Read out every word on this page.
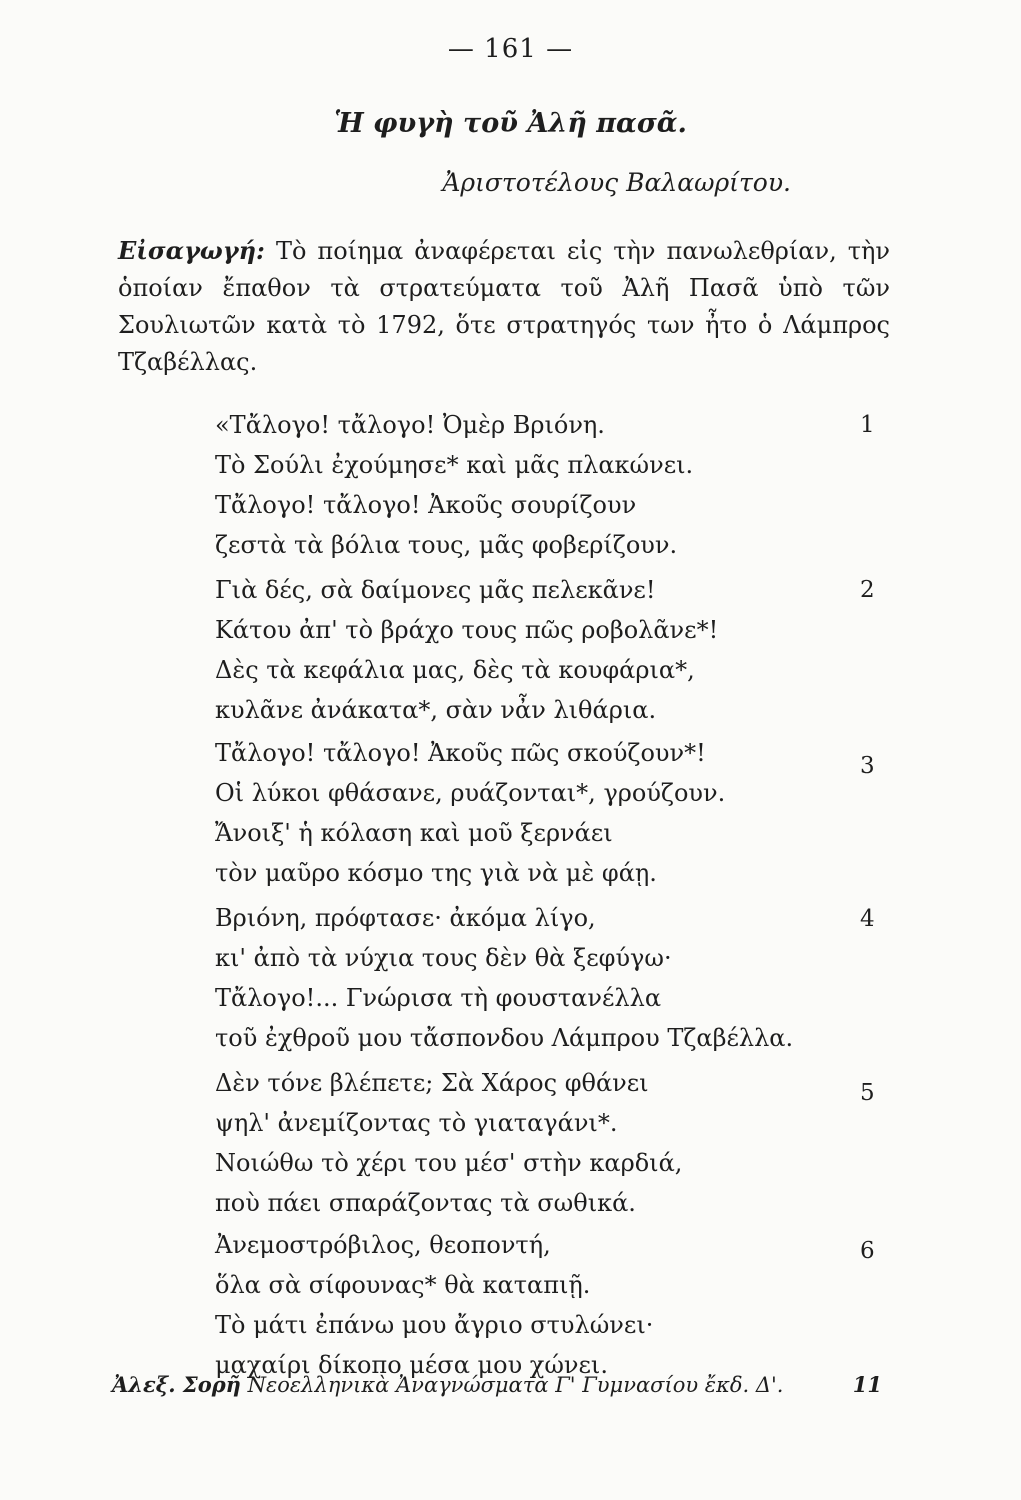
— 161 —
Ἡ φυγὴ τοῦ Ἀλῆ πασᾶ.
Ἀριστοτέλους Βαλαωρίτου.
Εἰσαγωγή: Τὸ ποίημα ἀναφέρεται εἰς τὴν πανωλεθρίαν, τὴν ὁποίαν ἔπαθον τὰ στρατεύματα τοῦ Ἀλῆ Πασᾶ ὑπὸ τῶν Σουλιωτῶν κατὰ τὸ 1792, ὅτε στρατηγός των ἦτο ὁ Λάμπρος Τζαβέλλας.
«Τἄλογο! τἄλογο! Ὀμὲρ Βριόνη.
Τὸ Σούλι ἐχούμησε* καὶ μᾶς πλακώνει.
Τἄλογο! τἄλογο! Ἀκοῦς σουρίζουν
ζεστὰ τὰ βόλια τους, μᾶς φοβερίζουν.
1
Γιὰ δές, σὰ δαίμονες μᾶς πελεκᾶνε!
Κάτου ἀπ' τὸ βράχο τους πῶς ροβολᾶνε*!
Δὲς τὰ κεφάλια μας, δὲς τὰ κουφάρια*,
κυλᾶνε ἀνάκατα*, σὰν νἆν λιθάρια.
2
Τἄλογο! τἄλογο! Ἀκοῦς πῶς σκούζουν*!
Οἱ λύκοι φθάσανε, ρυάζονται*, γρούζουν.
Ἄνοιξ' ἡ κόλαση καὶ μοῦ ξερνάει
τὸν μαῦρο κόσμο της γιὰ νὰ μὲ φάῃ.
3
Βριόνη, πρόφτασε· ἀκόμα λίγο,
κι' ἀπὸ τὰ νύχια τους δὲν θὰ ξεφύγω·
Τἄλογο!... Γνώρισα τὴ φουστανέλλα
τοῦ ἐχθροῦ μου τἄσπονδου Λάμπρου Τζαβέλλα.
4
Δὲν τόνε βλέπετε; Σὰ Χάρος φθάνει
ψηλ' ἀνεμίζοντας τὸ γιαταγάνι*.
Νοιώθω τὸ χέρι του μέσ' στὴν καρδιά,
ποὺ πάει σπαράζοντας τὰ σωθικά.
5
Ἀνεμοστρόβιλος, θεοποντή,
ὅλα σὰ σίφουνας* θὰ καταπιῇ.
Τὸ μάτι ἐπάνω μου ἄγριο στυλώνει·
μαχαίρι δίκοπο μέσα μου χώνει.
6
Ἀλεξ. Σορῆ Νεοελληνικὰ Ἀναγνώσματα Γ' Γυμνασίου ἔκδ. Δ'.	11
